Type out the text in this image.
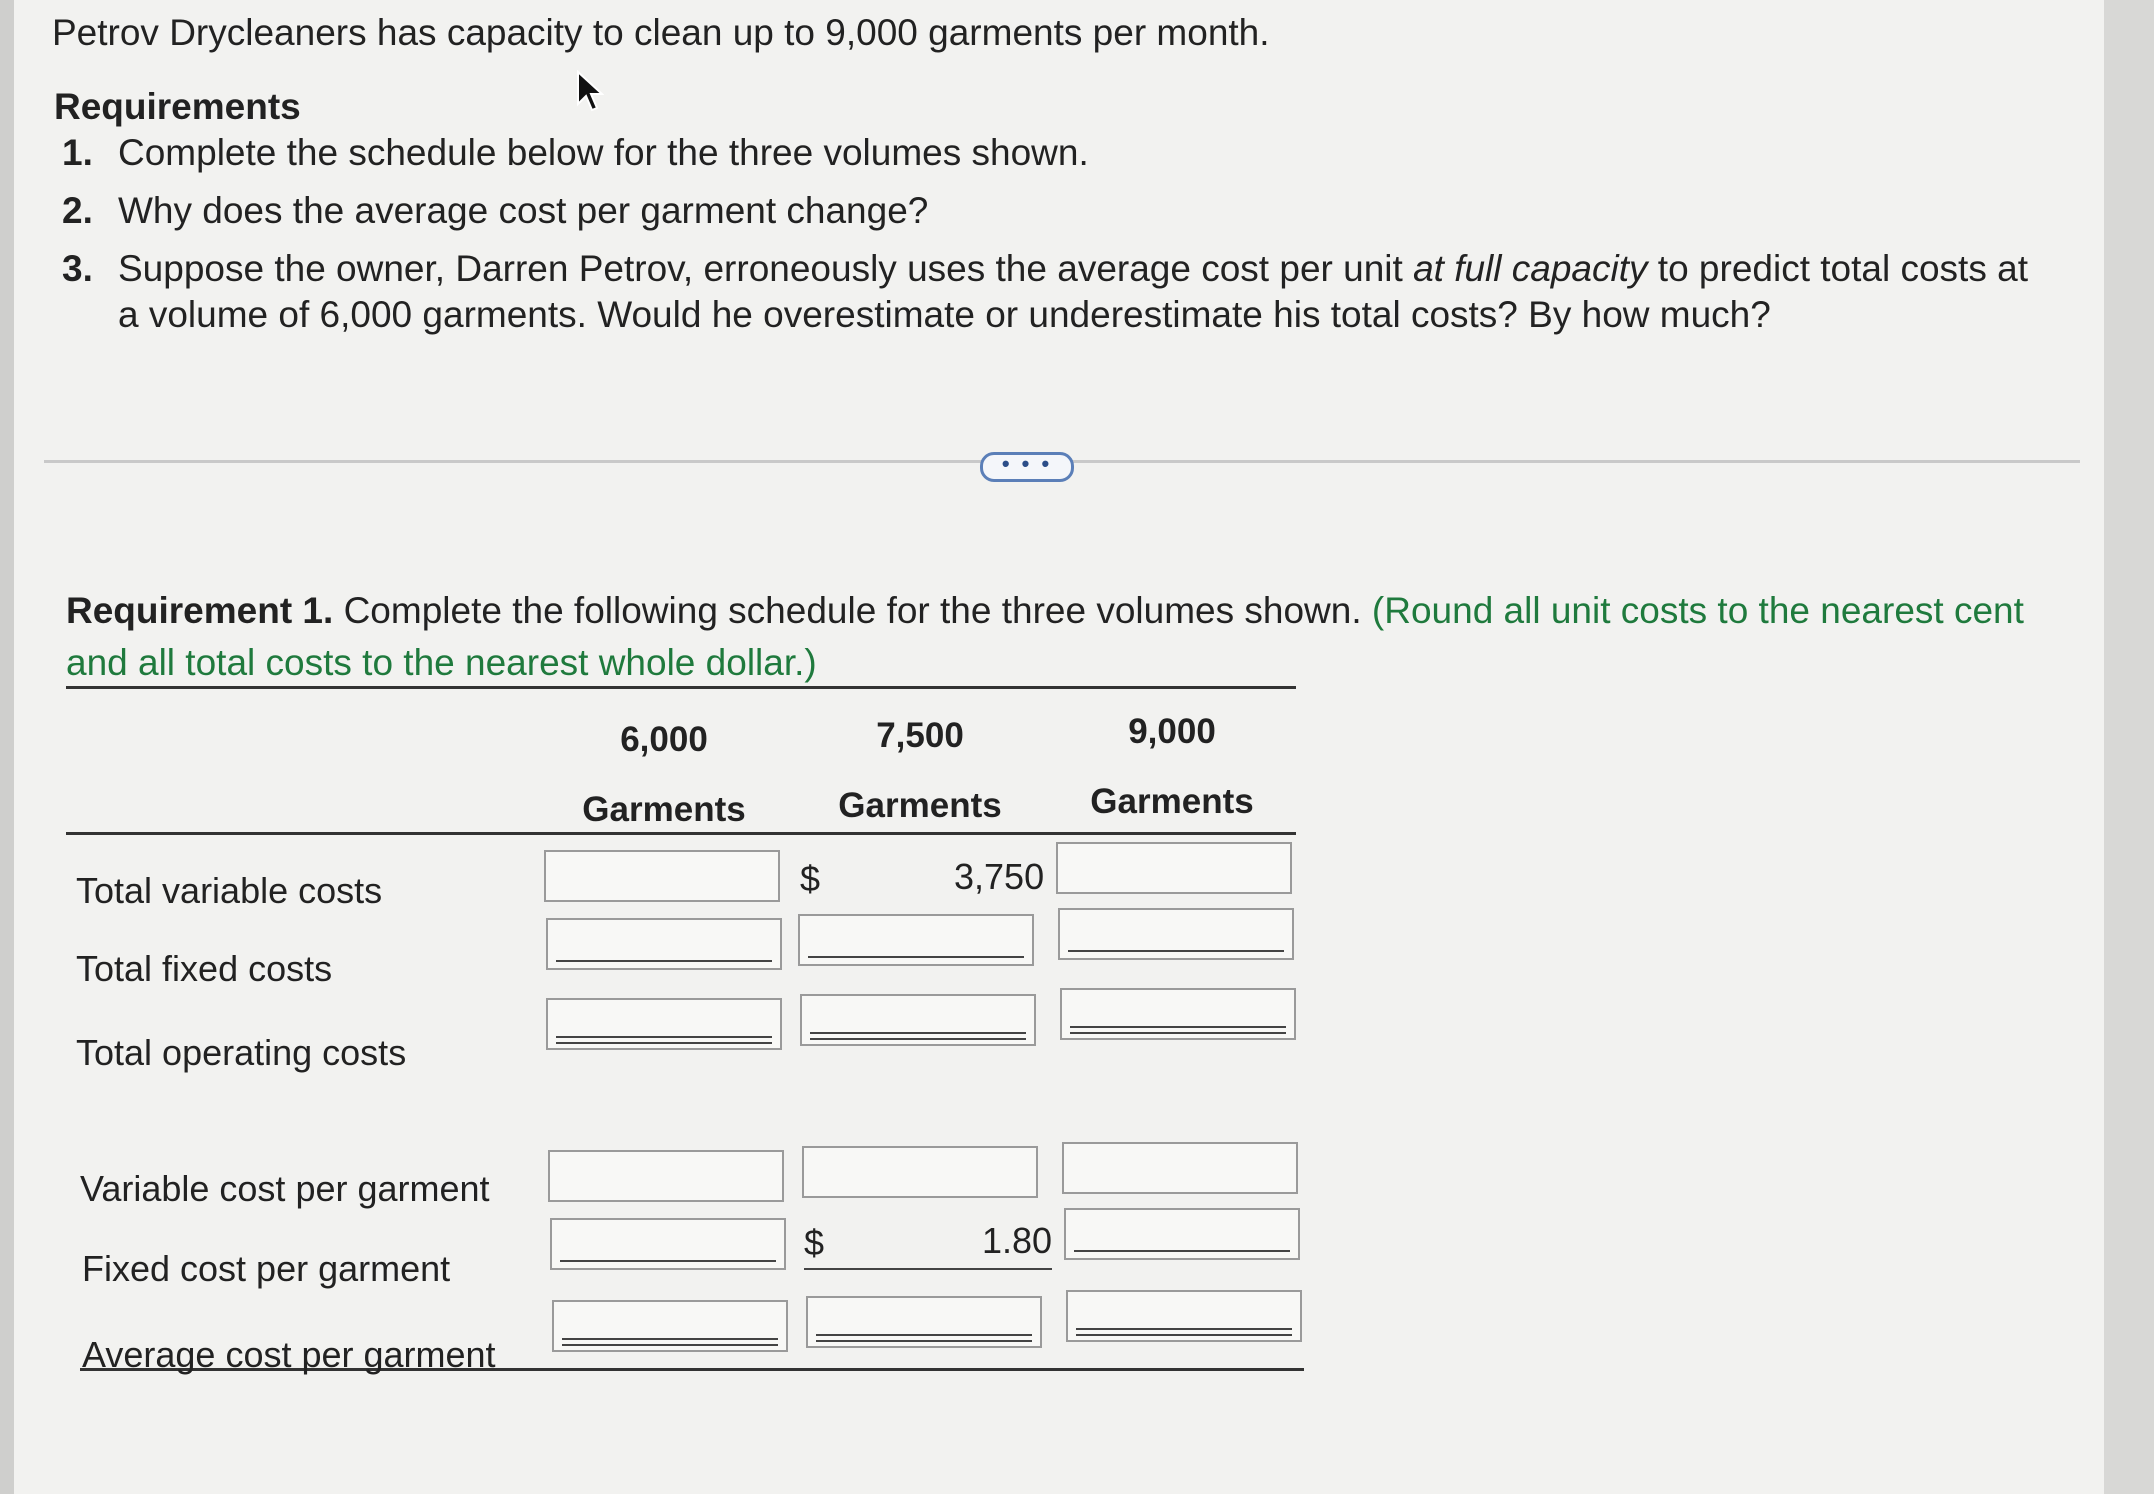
Petrov Drycleaners has capacity to clean up to 9,000 garments per month.
Requirements
1. Complete the schedule below for the three volumes shown.
2. Why does the average cost per garment change?
3. Suppose the owner, Darren Petrov, erroneously uses the average cost per unit at full capacity to predict total costs at a volume of 6,000 garments. Would he overestimate or underestimate his total costs? By how much?
• • •
Requirement 1. Complete the following schedule for the three volumes shown. (Round all unit costs to the nearest cent and all total costs to the nearest whole dollar.)
6,000
Garments
7,500
Garments
9,000
Garments
Total variable costs
Total fixed costs
Total operating costs
Variable cost per garment
Fixed cost per garment
Average cost per garment
$	3,750
$	1.80
